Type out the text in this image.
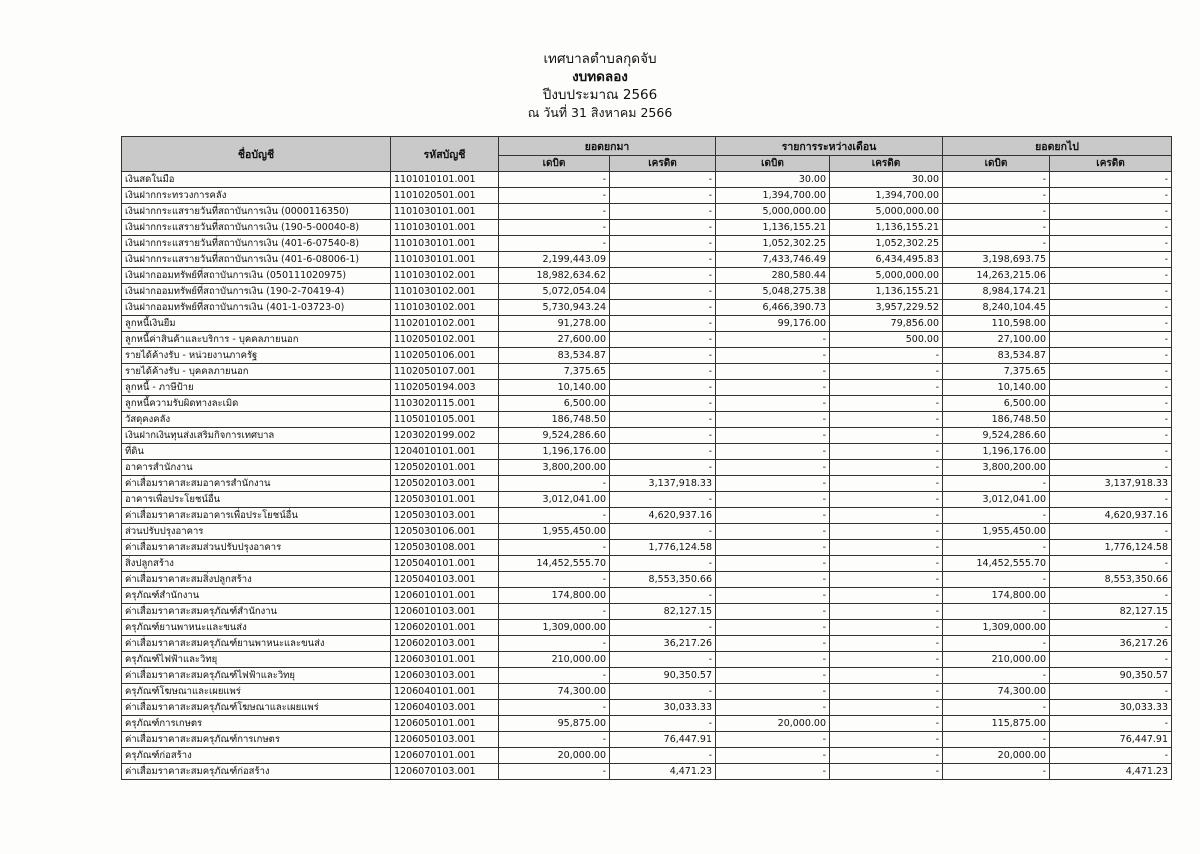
เทศบาลตำบลกุดจับ
งบทดลอง
ปีงบประมาณ 2566
ณ วันที่ 31 สิงหาคม 2566
ชื่อบัญชี	รหัสบัญชี	ยอดยกมา		รายการระหว่างเดือน		ยอดยกไป	
		เดบิต	เครดิต	เดบิต	เครดิต	เดบิต	เครดิต
เงินสดในมือ	1101010101.001	-	-	30.00	30.00	-	-
เงินฝากกระทรวงการคลัง	1101020501.001	-	-	1,394,700.00	1,394,700.00	-	-
เงินฝากกระแสรายวันที่สถาบันการเงิน (0000116350)	1101030101.001	-	-	5,000,000.00	5,000,000.00	-	-
เงินฝากกระแสรายวันที่สถาบันการเงิน (190-5-00040-8)	1101030101.001	-	-	1,136,155.21	1,136,155.21	-	-
เงินฝากกระแสรายวันที่สถาบันการเงิน (401-6-07540-8)	1101030101.001	-	-	1,052,302.25	1,052,302.25	-	-
เงินฝากกระแสรายวันที่สถาบันการเงิน (401-6-08006-1)	1101030101.001	2,199,443.09	-	7,433,746.49	6,434,495.83	3,198,693.75	-
เงินฝากออมทรัพย์ที่สถาบันการเงิน (050111020975)	1101030102.001	18,982,634.62	-	280,580.44	5,000,000.00	14,263,215.06	-
เงินฝากออมทรัพย์ที่สถาบันการเงิน (190-2-70419-4)	1101030102.001	5,072,054.04	-	5,048,275.38	1,136,155.21	8,984,174.21	-
เงินฝากออมทรัพย์ที่สถาบันการเงิน (401-1-03723-0)	1101030102.001	5,730,943.24	-	6,466,390.73	3,957,229.52	8,240,104.45	-
ลูกหนี้เงินยืม	1102010102.001	91,278.00	-	99,176.00	79,856.00	110,598.00	-
ลูกหนี้ค่าสินค้าและบริการ - บุคคลภายนอก	1102050102.001	27,600.00	-	-	500.00	27,100.00	-
รายได้ค้างรับ - หน่วยงานภาครัฐ	1102050106.001	83,534.87	-	-	-	83,534.87	-
รายได้ค้างรับ - บุคคลภายนอก	1102050107.001	7,375.65	-	-	-	7,375.65	-
ลูกหนี้ - ภาษีป้าย	1102050194.003	10,140.00	-	-	-	10,140.00	-
ลูกหนี้ความรับผิดทางละเมิด	1103020115.001	6,500.00	-	-	-	6,500.00	-
วัสดุคงคลัง	1105010105.001	186,748.50	-	-	-	186,748.50	-
เงินฝากเงินทุนส่งเสริมกิจการเทศบาล	1203020199.002	9,524,286.60	-	-	-	9,524,286.60	-
ที่ดิน	1204010101.001	1,196,176.00	-	-	-	1,196,176.00	-
อาคารสำนักงาน	1205020101.001	3,800,200.00	-	-	-	3,800,200.00	-
ค่าเสื่อมราคาสะสมอาคารสำนักงาน	1205020103.001	-	3,137,918.33	-	-	-	3,137,918.33
อาคารเพื่อประโยชน์อื่น	1205030101.001	3,012,041.00	-	-	-	3,012,041.00	-
ค่าเสื่อมราคาสะสมอาคารเพื่อประโยชน์อื่น	1205030103.001	-	4,620,937.16	-	-	-	4,620,937.16
ส่วนปรับปรุงอาคาร	1205030106.001	1,955,450.00	-	-	-	1,955,450.00	-
ค่าเสื่อมราคาสะสมส่วนปรับปรุงอาคาร	1205030108.001	-	1,776,124.58	-	-	-	1,776,124.58
สิ่งปลูกสร้าง	1205040101.001	14,452,555.70	-	-	-	14,452,555.70	-
ค่าเสื่อมราคาสะสมสิ่งปลูกสร้าง	1205040103.001	-	8,553,350.66	-	-	-	8,553,350.66
ครุภัณฑ์สำนักงาน	1206010101.001	174,800.00	-	-	-	174,800.00	-
ค่าเสื่อมราคาสะสมครุภัณฑ์สำนักงาน	1206010103.001	-	82,127.15	-	-	-	82,127.15
ครุภัณฑ์ยานพาหนะและขนส่ง	1206020101.001	1,309,000.00	-	-	-	1,309,000.00	-
ค่าเสื่อมราคาสะสมครุภัณฑ์ยานพาหนะและขนส่ง	1206020103.001	-	36,217.26	-	-	-	36,217.26
ครุภัณฑ์ไฟฟ้าและวิทยุ	1206030101.001	210,000.00	-	-	-	210,000.00	-
ค่าเสื่อมราคาสะสมครุภัณฑ์ไฟฟ้าและวิทยุ	1206030103.001	-	90,350.57	-	-	-	90,350.57
ครุภัณฑ์โฆษณาและเผยแพร่	1206040101.001	74,300.00	-	-	-	74,300.00	-
ค่าเสื่อมราคาสะสมครุภัณฑ์โฆษณาและเผยแพร่	1206040103.001	-	30,033.33	-	-	-	30,033.33
ครุภัณฑ์การเกษตร	1206050101.001	95,875.00	-	20,000.00	-	115,875.00	-
ค่าเสื่อมราคาสะสมครุภัณฑ์การเกษตร	1206050103.001	-	76,447.91	-	-	-	76,447.91
ครุภัณฑ์ก่อสร้าง	1206070101.001	20,000.00	-	-	-	20,000.00	-
ค่าเสื่อมราคาสะสมครุภัณฑ์ก่อสร้าง	1206070103.001	-	4,471.23	-	-	-	4,471.23
